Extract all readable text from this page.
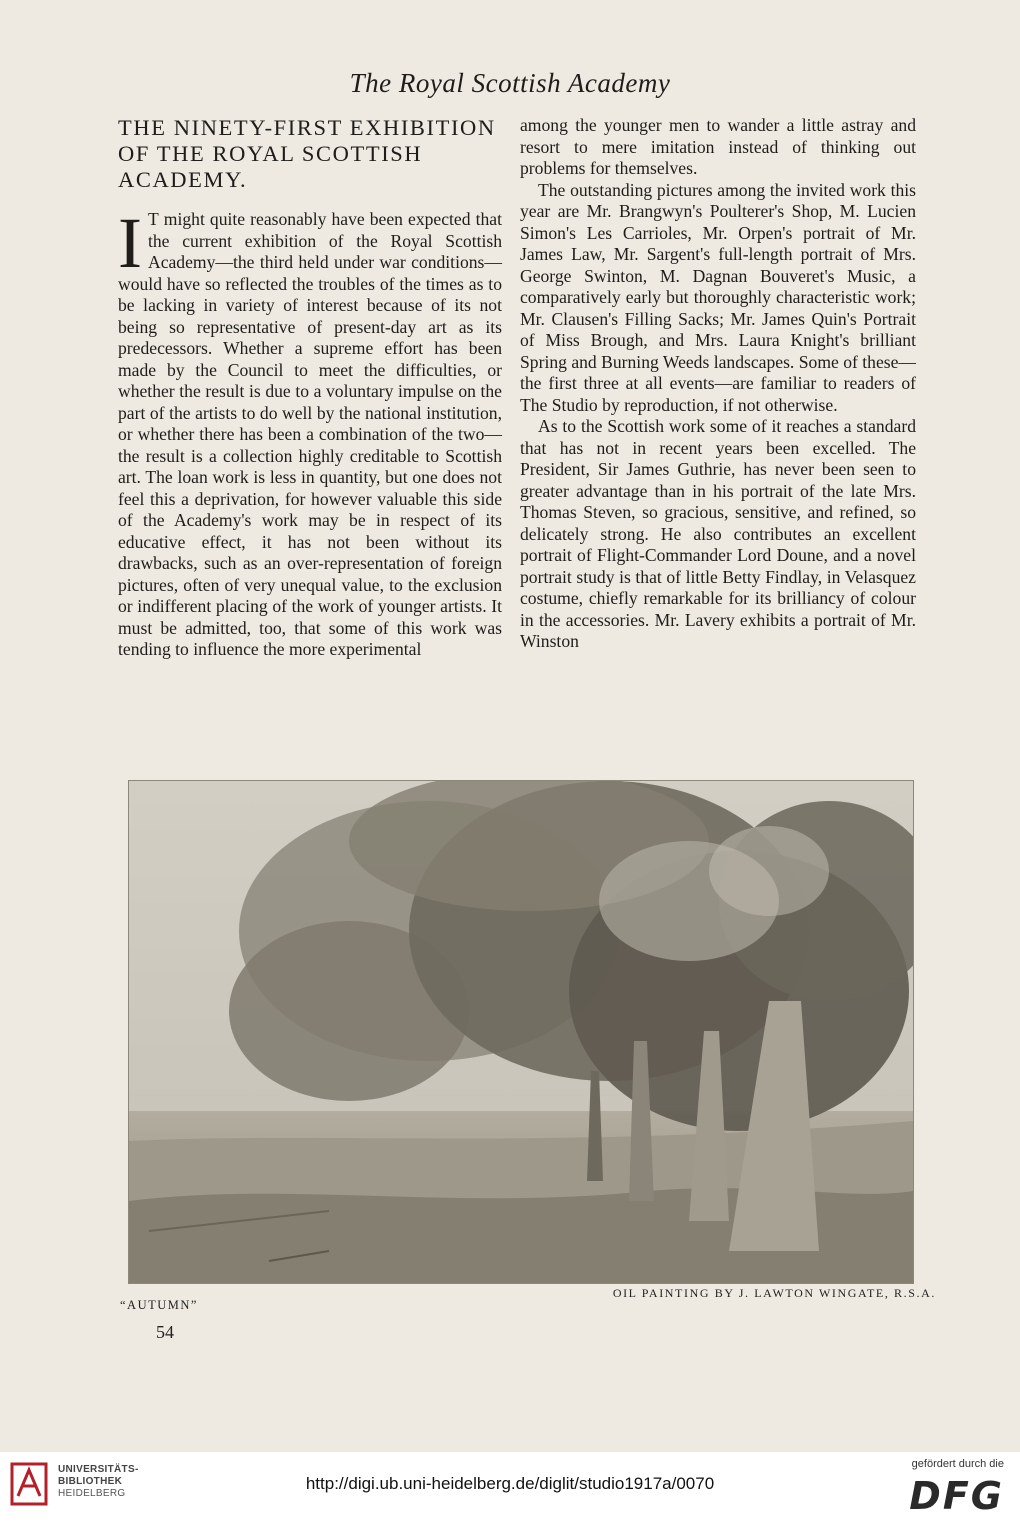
The Royal Scottish Academy
THE NINETY-FIRST EXHIBITION OF THE ROYAL SCOTTISH ACADEMY.

I T might quite reasonably have been expected that the current exhibition of the Royal Scottish Academy—the third held under war conditions—would have so reflected the troubles of the times as to be lacking in variety of interest because of its not being so representative of present-day art as its predecessors. Whether a supreme effort has been made by the Council to meet the difficulties, or whether the result is due to a voluntary impulse on the part of the artists to do well by the national institution, or whether there has been a combination of the two—the result is a collection highly creditable to Scottish art. The loan work is less in quantity, but one does not feel this a deprivation, for however valuable this side of the Academy's work may be in respect of its educative effect, it has not been without its drawbacks, such as an over-representation of foreign pictures, often of very unequal value, to the exclusion or indifferent placing of the work of younger artists. It must be admitted, too, that some of this work was tending to influence the more experimental

among the younger men to wander a little astray and resort to mere imitation instead of thinking out problems for themselves.

The outstanding pictures among the invited work this year are Mr. Brangwyn's Poulterer's Shop, M. Lucien Simon's Les Carrioles, Mr. Orpen's portrait of Mr. James Law, Mr. Sargent's full-length portrait of Mrs. George Swinton, M. Dagnan Bouveret's Music, a comparatively early but thoroughly characteristic work; Mr. Clausen's Filling Sacks; Mr. James Quin's Portrait of Miss Brough, and Mrs. Laura Knight's brilliant Spring and Burning Weeds landscapes. Some of these—the first three at all events—are familiar to readers of The Studio by reproduction, if not otherwise.

As to the Scottish work some of it reaches a standard that has not in recent years been excelled. The President, Sir James Guthrie, has never been seen to greater advantage than in his portrait of the late Mrs. Thomas Steven, so gracious, sensitive, and refined, so delicately strong. He also contributes an excellent portrait of Flight-Commander Lord Doune, and a novel portrait study is that of little Betty Findlay, in Velasquez costume, chiefly remarkable for its brilliancy of colour in the accessories. Mr. Lavery exhibits a portrait of Mr. Winston

“AUTUMN”
OIL PAINTING BY J. LAWTON WINGATE, R.S.A.
54
UNIVERSITÄTS-
BIBLIOTHEK
HEIDELBERG
http://digi.ub.uni-heidelberg.de/diglit/studio1917a/0070
gefördert durch die
DFG
